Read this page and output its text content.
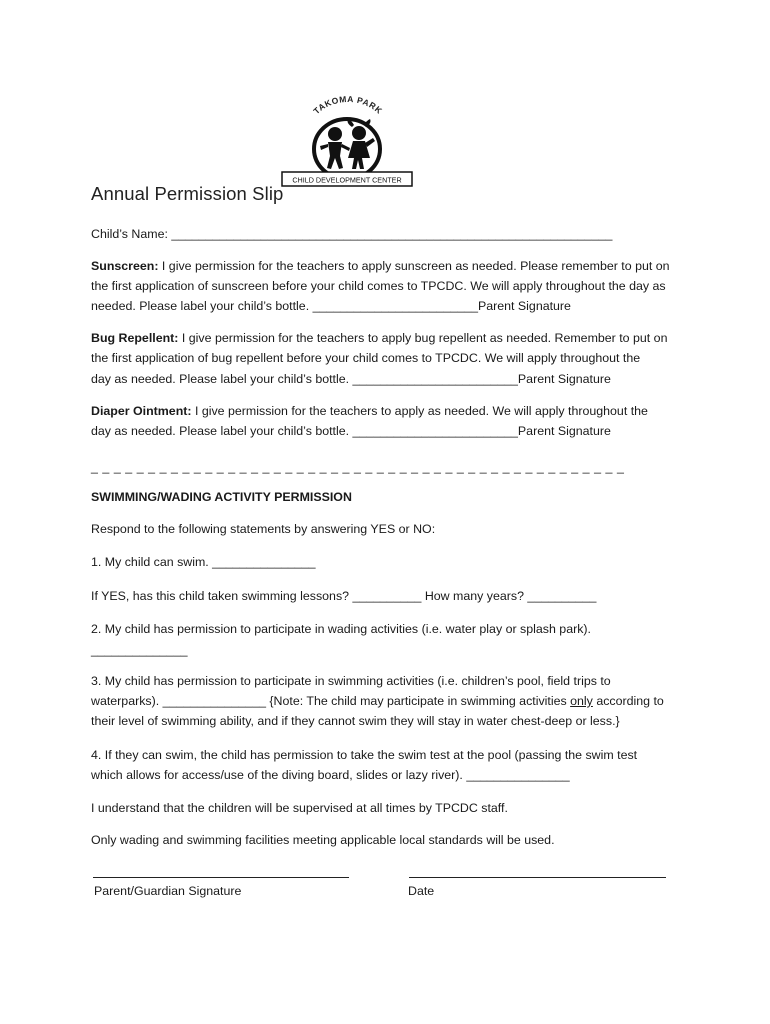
TAKOMA PARK
CHILD DEVELOPMENT CENTER
Annual Permission Slip
Child’s Name: ________________________________________________________________
Sunscreen: I give permission for the teachers to apply sunscreen as needed. Please remember to put on
the first application of sunscreen before your child comes to TPCDC. We will apply throughout the day as
needed. Please label your child’s bottle. ________________________Parent Signature
Bug Repellent: I give permission for the teachers to apply bug repellent as needed. Remember to put on
the first application of bug repellent before your child comes to TPCDC. We will apply throughout the
day as needed. Please label your child’s bottle. ________________________Parent Signature
Diaper Ointment: I give permission for the teachers to apply as needed. We will apply throughout the
day as needed. Please label your child’s bottle. ________________________Parent Signature
_ _ _ _ _ _ _ _ _ _ _ _ _ _ _ _ _ _ _ _ _ _ _ _ _ _ _ _ _ _ _ _ _ _ _ _ _ _ _ _ _ _ _ _ _ _ _
SWIMMING/WADING ACTIVITY PERMISSION
Respond to the following statements by answering YES or NO:
1. My child can swim. _______________
If YES, has this child taken swimming lessons? __________ How many years? __________
2. My child has permission to participate in wading activities (i.e. water play or splash park).
______________
3. My child has permission to participate in swimming activities (i.e. children’s pool, field trips to
waterparks). _______________ {Note: The child may participate in swimming activities only according to
their level of swimming ability, and if they cannot swim they will stay in water chest-deep or less.}
4. If they can swim, the child has permission to take the swim test at the pool (passing the swim test
which allows for access/use of the diving board, slides or lazy river). _______________
I understand that the children will be supervised at all times by TPCDC staff.
Only wading and swimming facilities meeting applicable local standards will be used.
Parent/Guardian Signature	Date
